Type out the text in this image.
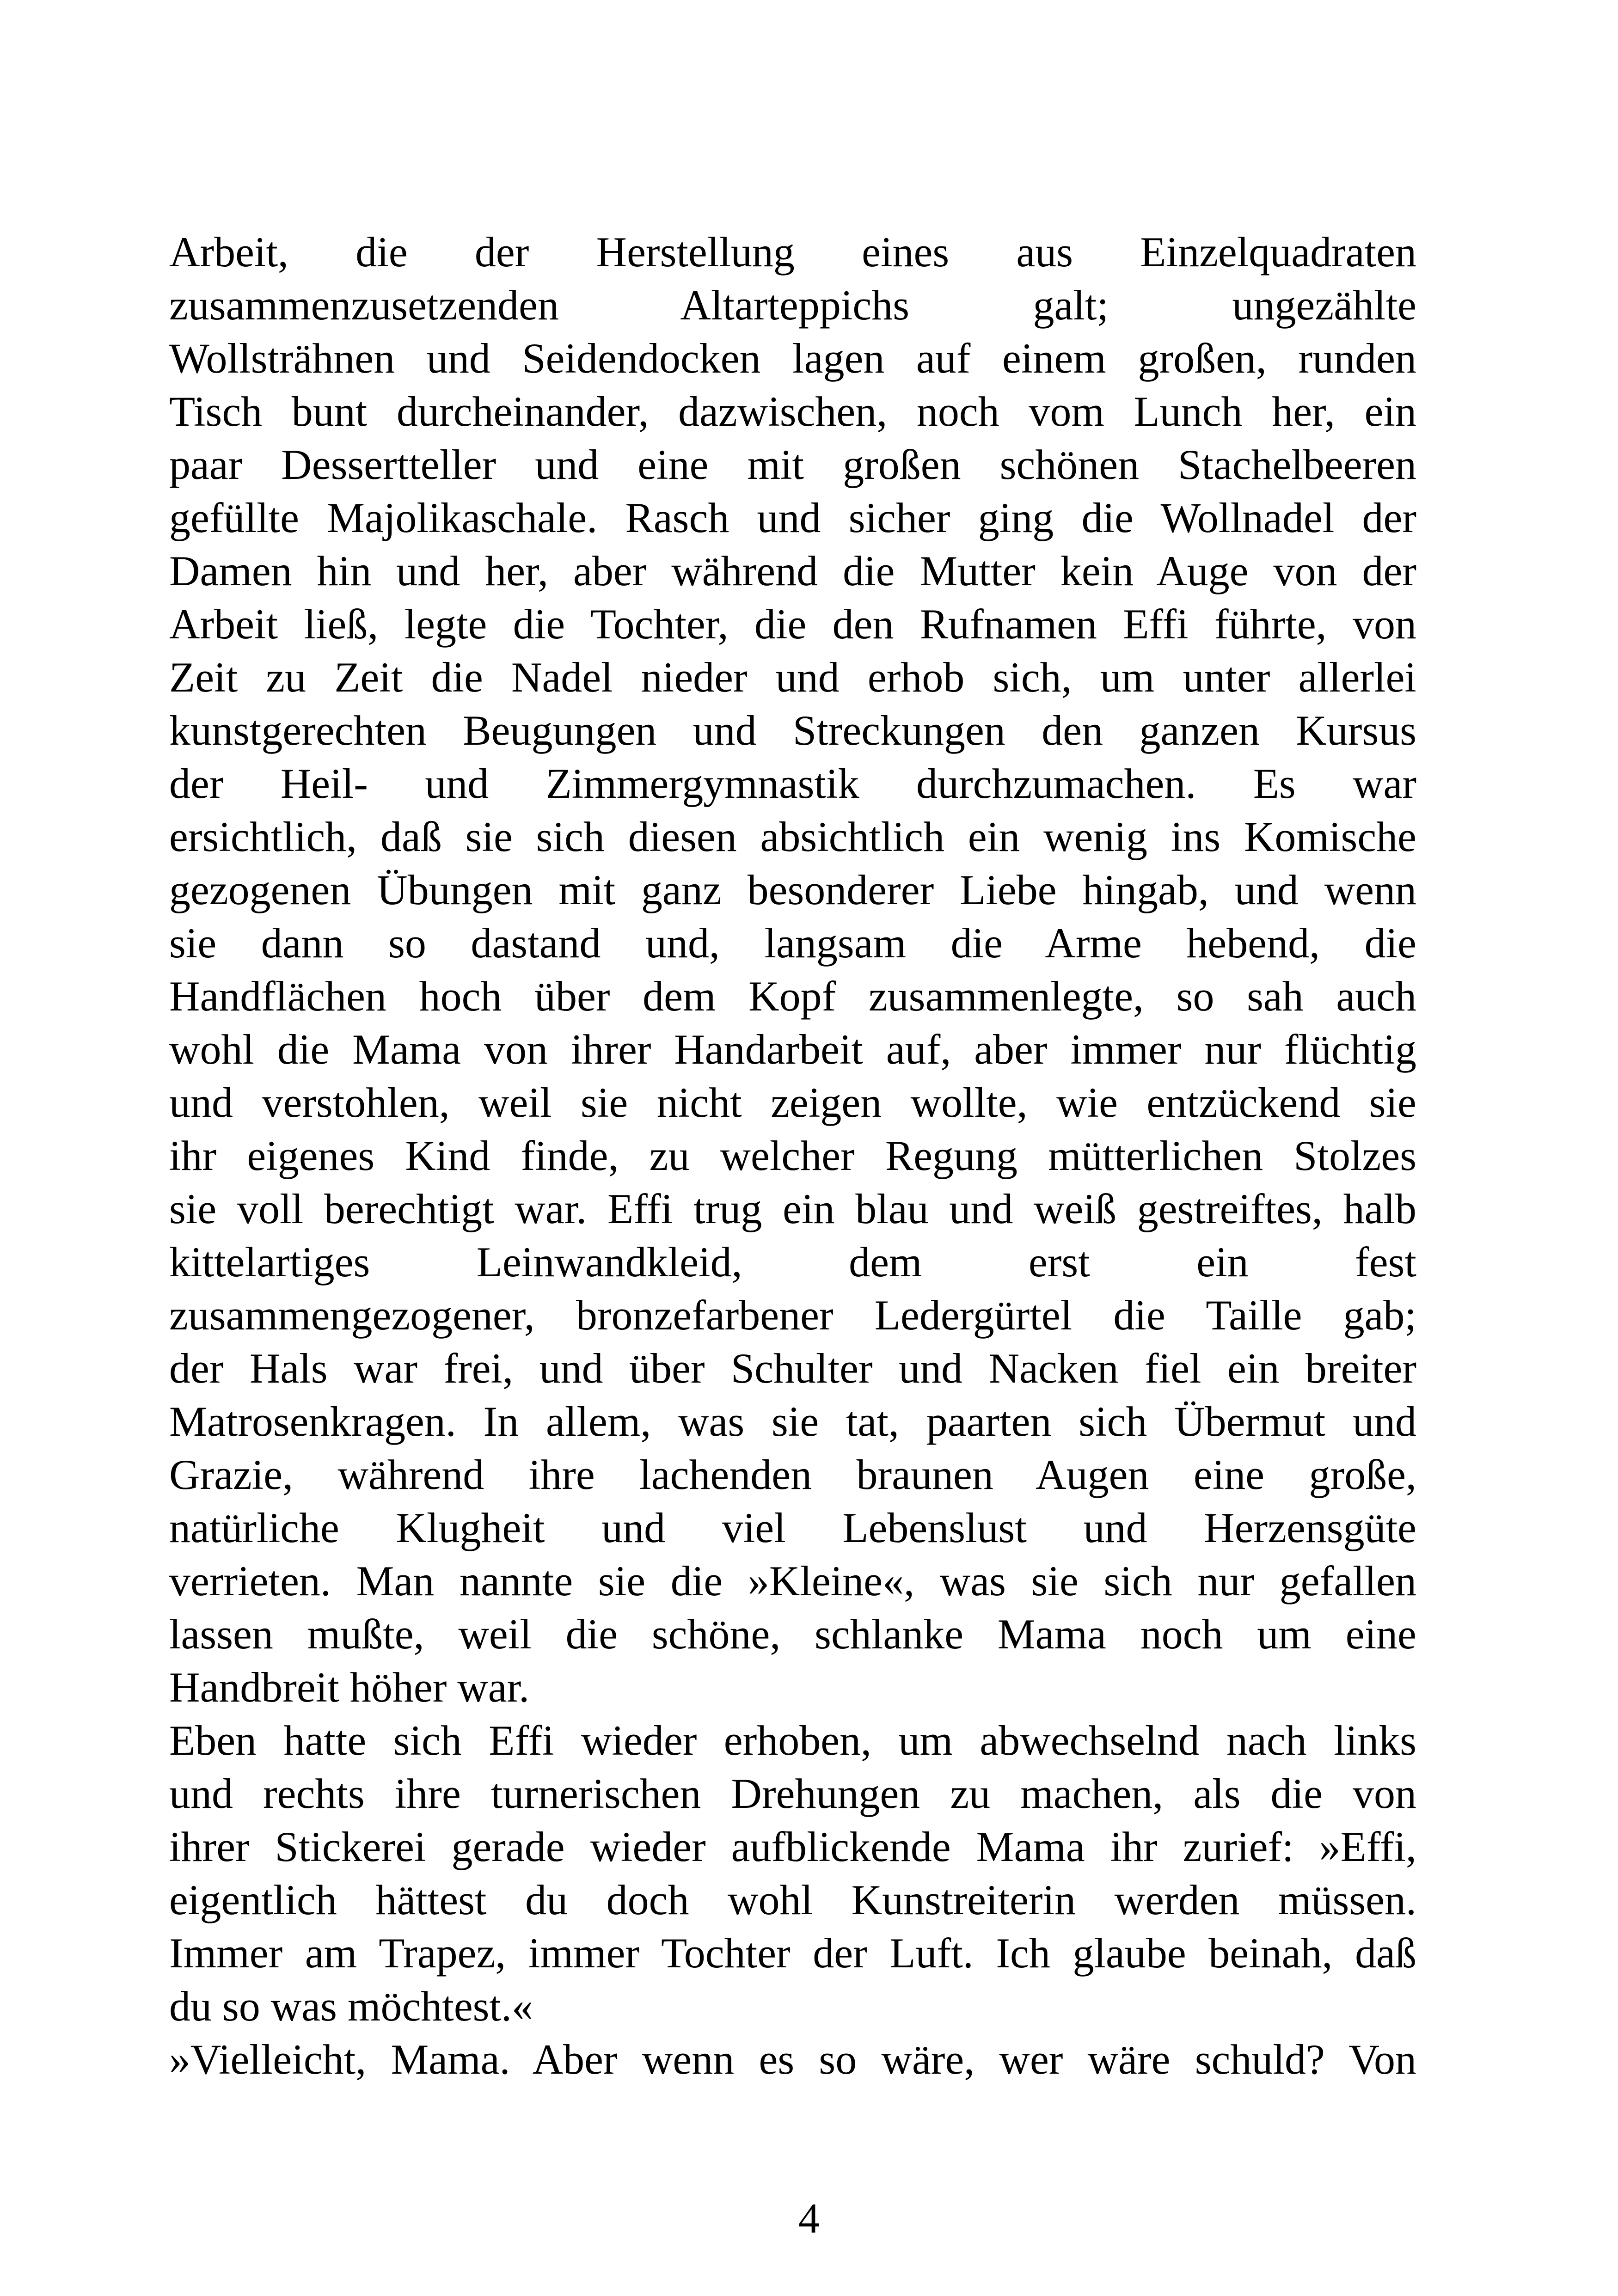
Arbeit, die der Herstellung eines aus Einzelquadraten
zusammenzusetzenden Altarteppichs galt; ungezählte
Wollsträhnen und Seidendocken lagen auf einem großen, runden
Tisch bunt durcheinander, dazwischen, noch vom Lunch her, ein
paar Dessertteller und eine mit großen schönen Stachelbeeren
gefüllte Majolikaschale. Rasch und sicher ging die Wollnadel der
Damen hin und her, aber während die Mutter kein Auge von der
Arbeit ließ, legte die Tochter, die den Rufnamen Effi führte, von
Zeit zu Zeit die Nadel nieder und erhob sich, um unter allerlei
kunstgerechten Beugungen und Streckungen den ganzen Kursus
der Heil- und Zimmergymnastik durchzumachen. Es war
ersichtlich, daß sie sich diesen absichtlich ein wenig ins Komische
gezogenen Übungen mit ganz besonderer Liebe hingab, und wenn
sie dann so dastand und, langsam die Arme hebend, die
Handflächen hoch über dem Kopf zusammenlegte, so sah auch
wohl die Mama von ihrer Handarbeit auf, aber immer nur flüchtig
und verstohlen, weil sie nicht zeigen wollte, wie entzückend sie
ihr eigenes Kind finde, zu welcher Regung mütterlichen Stolzes
sie voll berechtigt war. Effi trug ein blau und weiß gestreiftes, halb
kittelartiges Leinwandkleid, dem erst ein fest
zusammengezogener, bronzefarbener Ledergürtel die Taille gab;
der Hals war frei, und über Schulter und Nacken fiel ein breiter
Matrosenkragen. In allem, was sie tat, paarten sich Übermut und
Grazie, während ihre lachenden braunen Augen eine große,
natürliche Klugheit und viel Lebenslust und Herzensgüte
verrieten. Man nannte sie die »Kleine«, was sie sich nur gefallen
lassen mußte, weil die schöne, schlanke Mama noch um eine
Handbreit höher war.
Eben hatte sich Effi wieder erhoben, um abwechselnd nach links
und rechts ihre turnerischen Drehungen zu machen, als die von
ihrer Stickerei gerade wieder aufblickende Mama ihr zurief: »Effi,
eigentlich hättest du doch wohl Kunstreiterin werden müssen.
Immer am Trapez, immer Tochter der Luft. Ich glaube beinah, daß
du so was möchtest.«
»Vielleicht, Mama. Aber wenn es so wäre, wer wäre schuld? Von
4
